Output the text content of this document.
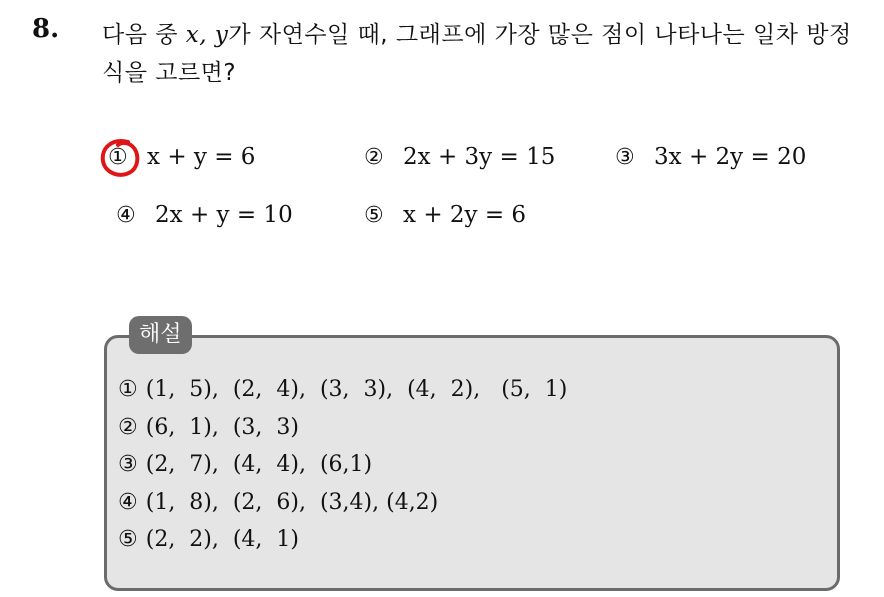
8. 다음 중 x, y가 자연수일 때, 그래프에 가장 많은 점이 나타나는 일차 방정식을 고르면?
① x + y = 6	② 2x + 3y = 15	③ 3x + 2y = 20
④ 2x + y = 10	⑤ x + 2y = 6
해설
① (1,  5),  (2,  4),  (3,  3),  (4,  2),   (5,  1)
② (6,  1),  (3,  3)
③ (2,  7),  (4,  4),  (6,1)
④ (1,  8),  (2,  6),  (3,4), (4,2)
⑤ (2,  2),  (4,  1)
